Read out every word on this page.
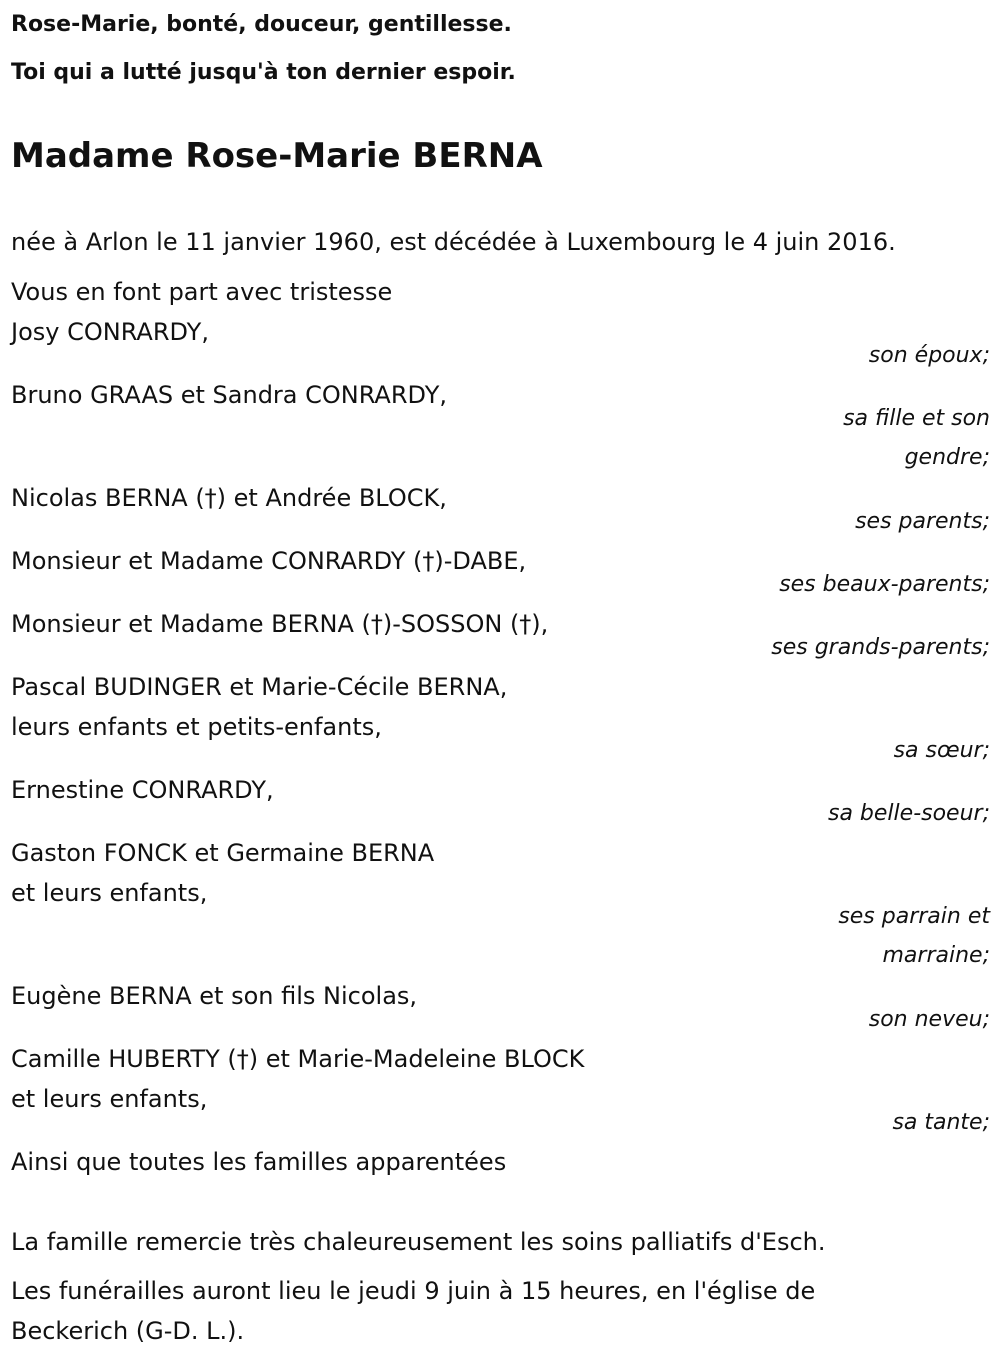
Rose-Marie, bonté, douceur, gentillesse.

Toi qui a lutté jusqu'à ton dernier espoir.

Madame Rose-Marie BERNA

née à Arlon le 11 janvier 1960, est décédée à Luxembourg le 4 juin 2016.

Vous en font part avec tristesse

Josy CONRARDY,

son époux;

Bruno GRAAS et Sandra CONRARDY,

sa fille et son

gendre;

Nicolas BERNA (†) et Andrée BLOCK,

ses parents;

Monsieur et Madame CONRARDY (†)-DABE,

ses beaux-parents;

Monsieur et Madame BERNA (†)-SOSSON (†),

ses grands-parents;

Pascal BUDINGER et Marie-Cécile BERNA,

leurs enfants et petits-enfants,

sa sœur;

Ernestine CONRARDY,

sa belle-soeur;

Gaston FONCK et Germaine BERNA

et leurs enfants,

ses parrain et

marraine;

Eugène BERNA et son fils Nicolas,

son neveu;

Camille HUBERTY (†) et Marie-Madeleine BLOCK

et leurs enfants,

sa tante;

Ainsi que toutes les familles apparentées

La famille remercie très chaleureusement les soins palliatifs d'Esch.

Les funérailles auront lieu le jeudi 9 juin à 15 heures, en l'église de

Beckerich (G-D. L.).
